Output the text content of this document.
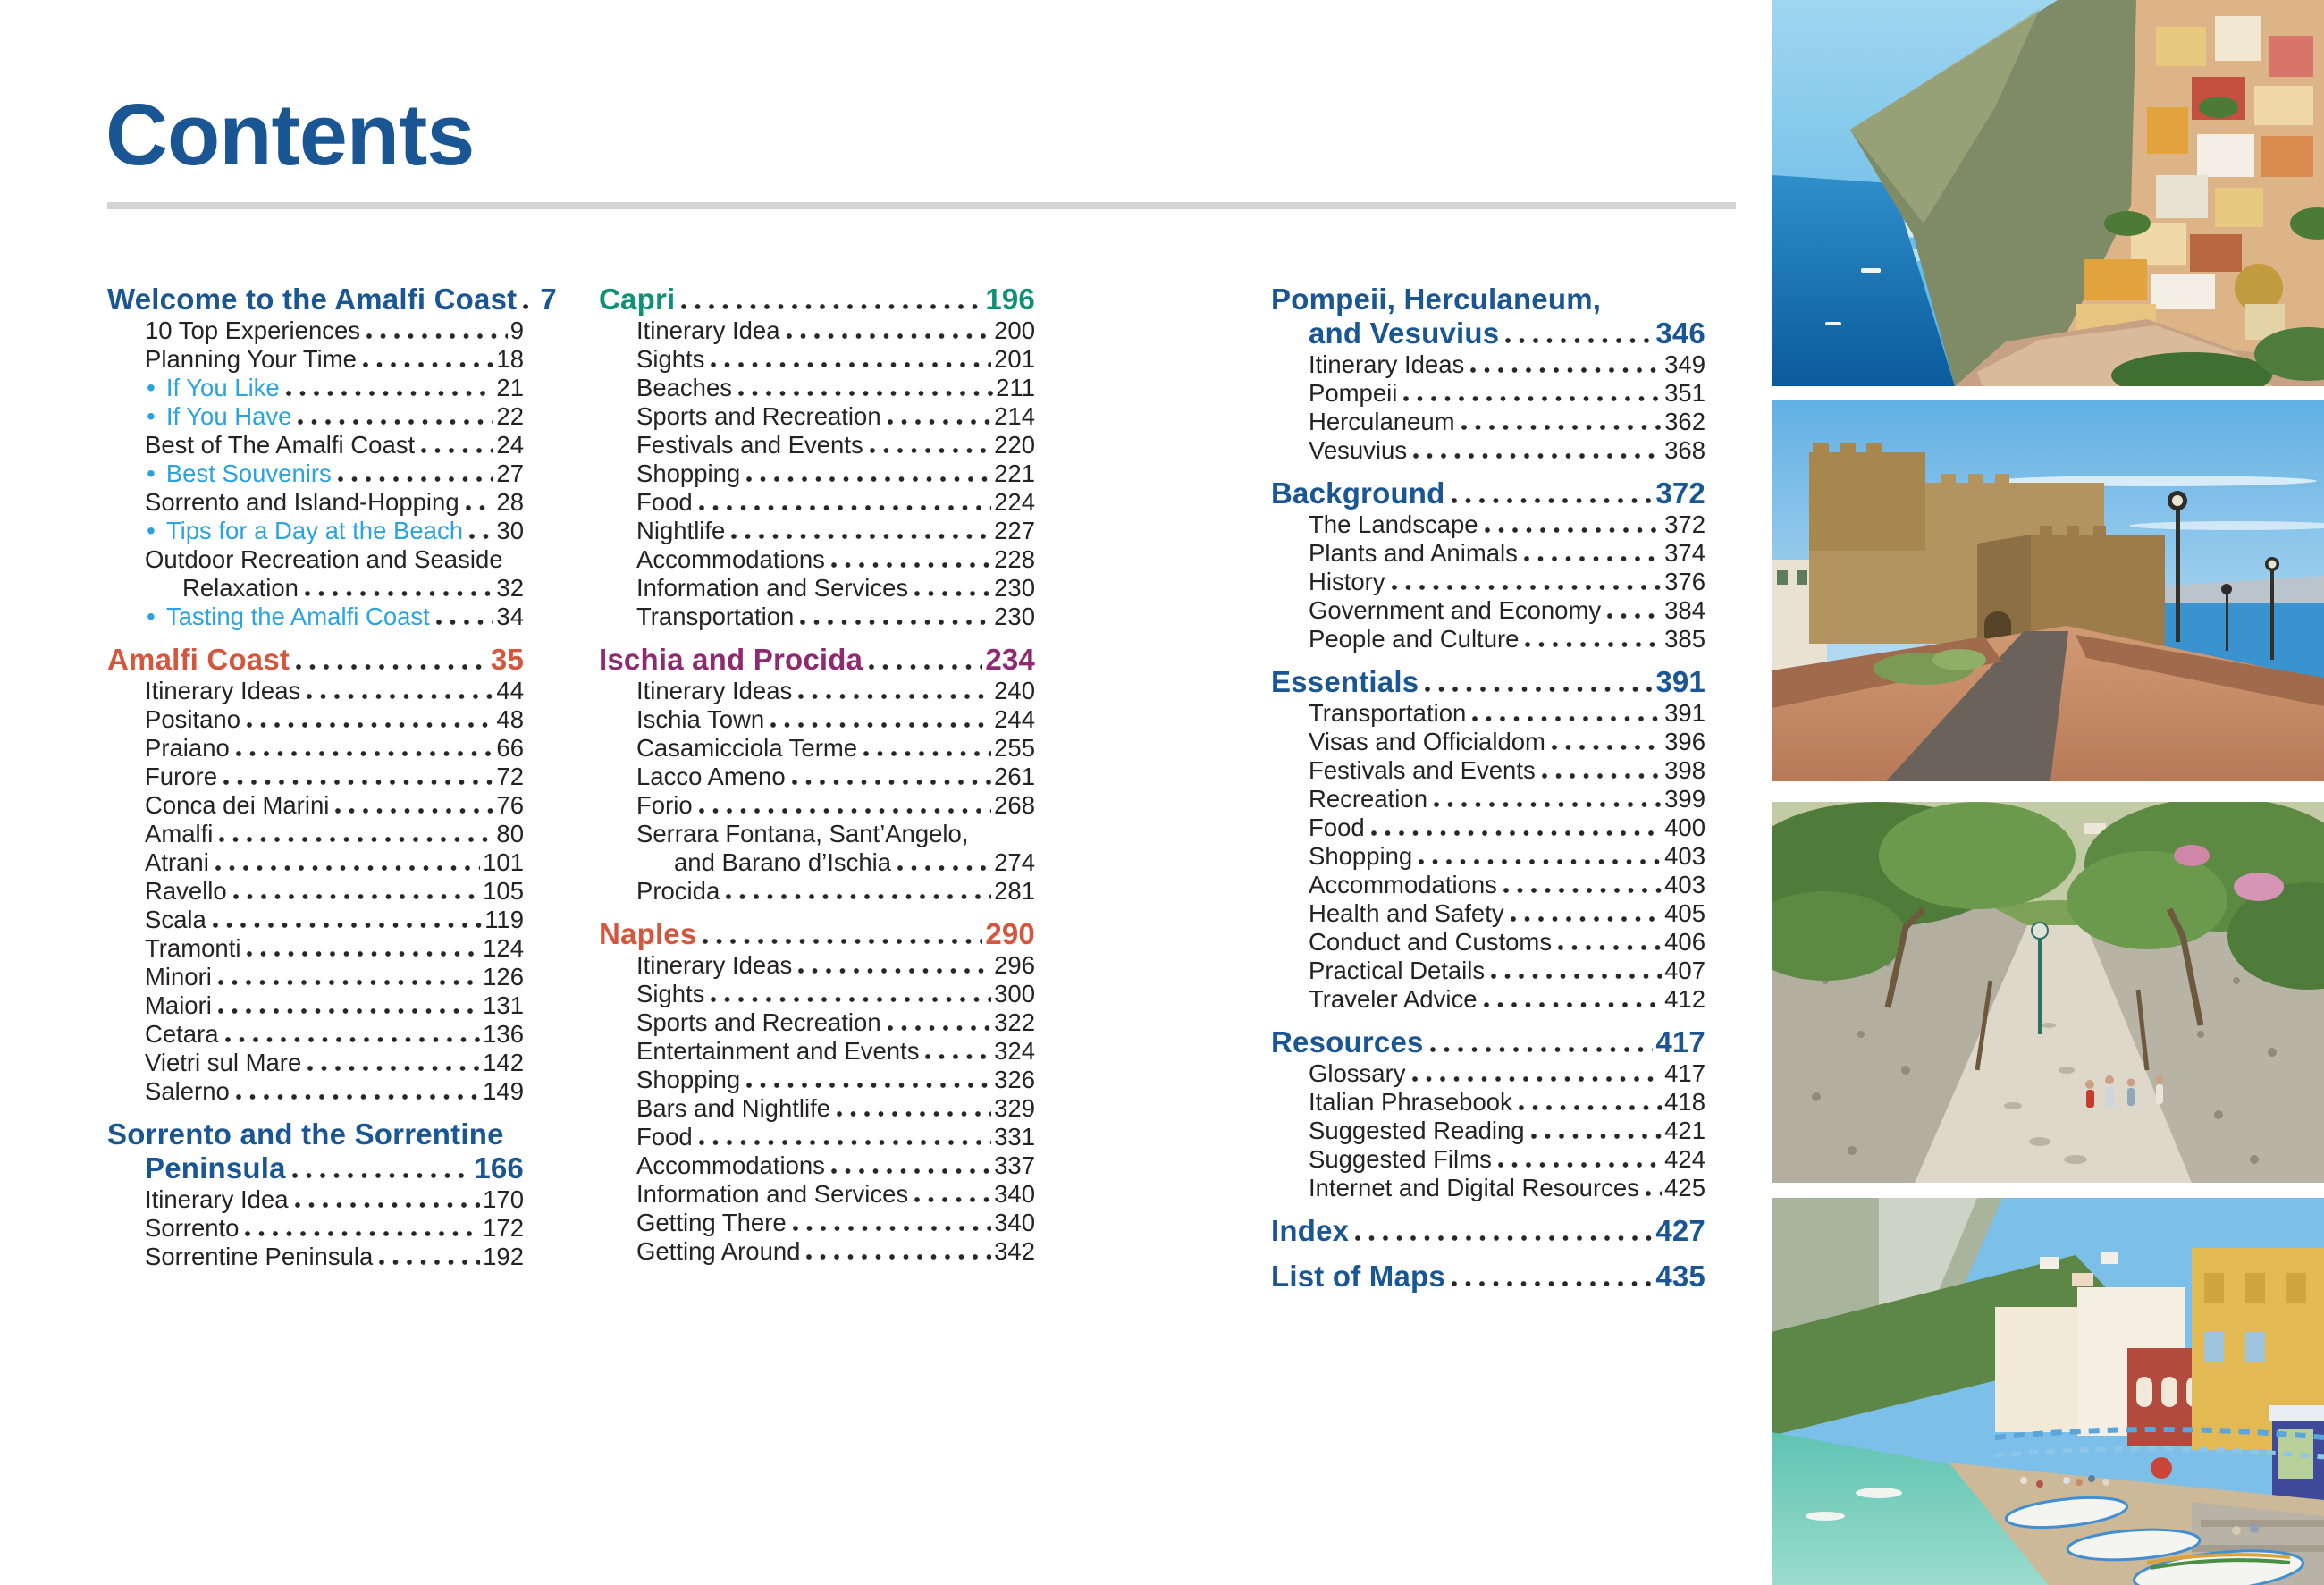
Contents
Welcome to the Amalfi Coast 7
10 Top Experiences	9
Planning Your Time	18
• If You Like	21
• If You Have	22
Best of The Amalfi Coast	24
• Best Souvenirs	27
Sorrento and Island-Hopping 28
• Tips for a Day at the Beach 30
Outdoor Recreation and Seaside
Relaxation	32
• Tasting the Amalfi Coast	34
Amalfi Coast	35
Itinerary Ideas	44
Positano	48
Praiano	66
Furore	72
Conca dei Marini	76
Amalfi	80
Atrani	101
Ravello	105
Scala	119
Tramonti	124
Minori	126
Maiori	131
Cetara	136
Vietri sul Mare	142
Salerno	149
Sorrento and the Sorrentine
Peninsula	166
Itinerary Idea	170
Sorrento	172
Sorrentine Peninsula	192
Capri	196
Itinerary Idea	200
Sights	201
Beaches	211
Sports and Recreation	214
Festivals and Events	220
Shopping	221
Food	224
Nightlife	227
Accommodations	228
Information and Services	230
Transportation	230
Ischia and Procida	234
Itinerary Ideas	240
Ischia Town	244
Casamicciola Terme	255
Lacco Ameno	261
Forio	268
Serrara Fontana, Sant’Angelo,
and Barano d’Ischia	274
Procida	281
Naples	290
Itinerary Ideas	296
Sights	300
Sports and Recreation	322
Entertainment and Events	324
Shopping	326
Bars and Nightlife	329
Food	331
Accommodations	337
Information and Services	340
Getting There	340
Getting Around	342
Pompeii, Herculaneum,
and Vesuvius	346
Itinerary Ideas	349
Pompeii	351
Herculaneum	362
Vesuvius	368
Background	372
The Landscape	372
Plants and Animals	374
History	376
Government and Economy	384
People and Culture	385
Essentials	391
Transportation	391
Visas and Officialdom	396
Festivals and Events	398
Recreation	399
Food	400
Shopping	403
Accommodations	403
Health and Safety	405
Conduct and Customs	406
Practical Details	407
Traveler Advice	412
Resources	417
Glossary	417
Italian Phrasebook	418
Suggested Reading	421
Suggested Films	424
Internet and Digital Resources 425
Index	427
List of Maps	435
